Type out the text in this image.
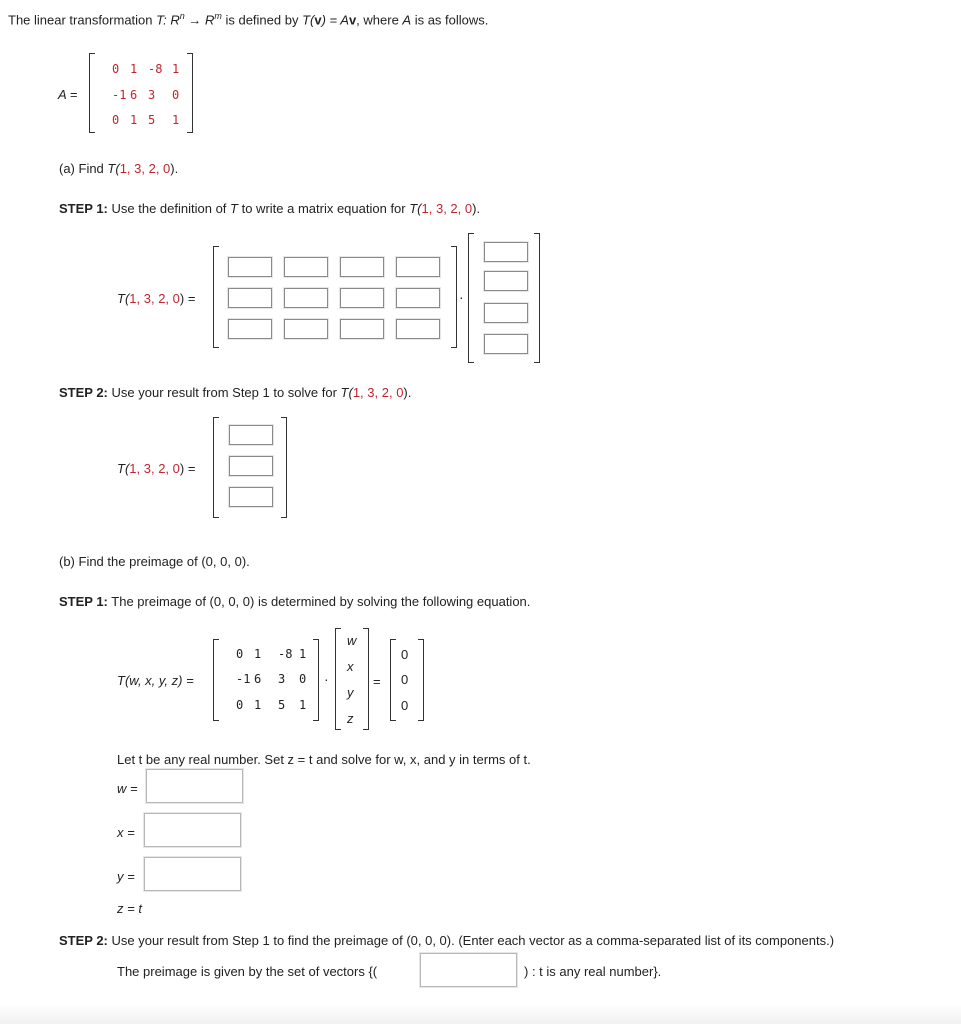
The linear transformation T: $R^n \to R^m$ is defined by T(v) = Av, where A is as follows.
A =
0 1 -8 1
-1 6 3 0
0 1 5 1
(a) Find T(1, 3, 2, 0).
STEP 1: Use the definition of T to write a matrix equation for T(1, 3, 2, 0).
T(1, 3, 2, 0) =	·
STEP 2: Use your result from Step 1 to solve for T(1, 3, 2, 0).
T(1, 3, 2, 0) =
(b) Find the preimage of (0, 0, 0).
STEP 1: The preimage of (0, 0, 0) is determined by solving the following equation.
T(w, x, y, z) =
0 1 -8 1
-1 6 3 0
0 1 5 1
·
w
x
y
z
=
0
0
0
Let t be any real number. Set z = t and solve for w, x, and y in terms of t.
w =
x =
y =
z = t
STEP 2: Use your result from Step 1 to find the preimage of (0, 0, 0). (Enter each vector as a comma-separated list of its components.)
The preimage is given by the set of vectors {(	) : t is any real number}.
